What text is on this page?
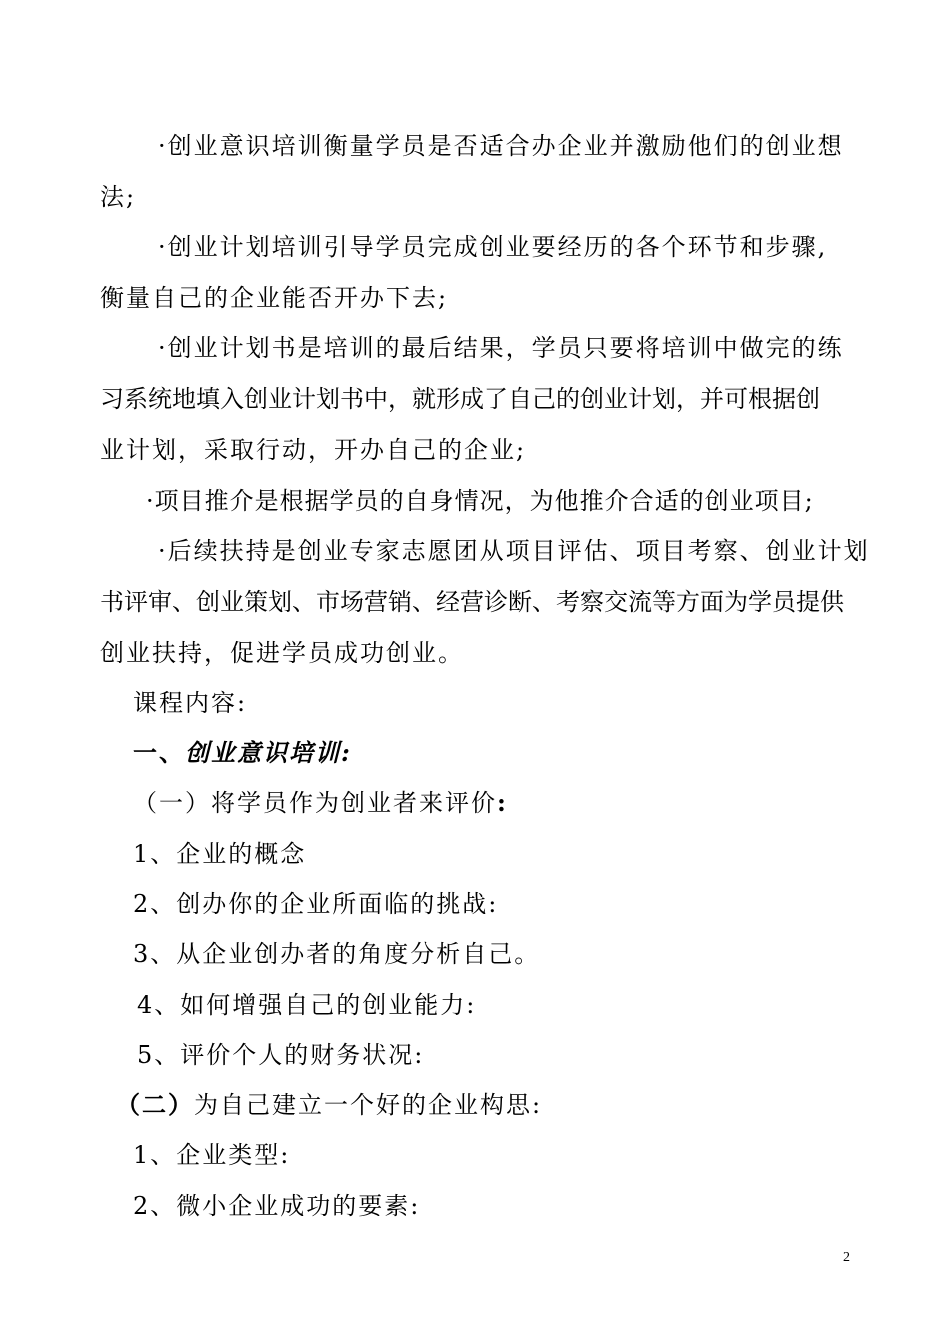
·创业意识培训衡量学员是否适合办企业并激励他们的创业想
法;
·创业计划培训引导学员完成创业要经历的各个环节和步骤,
衡量自己的企业能否开办下去;
·创业计划书是培训的最后结果，学员只要将培训中做完的练
习系统地填入创业计划书中，就形成了自己的创业计划，并可根据创
业计划，采取行动，开办自己的企业;
·项目推介是根据学员的自身情况，为他推介合适的创业项目;
·后续扶持是创业专家志愿团从项目评估、项目考察、创业计划
书评审、创业策划、市场营销、经营诊断、考察交流等方面为学员提供
创业扶持，促进学员成功创业。
课程内容:
一、创业意识培训:
（一）将学员作为创业者来评价:
1、企业的概念
2、创办你的企业所面临的挑战:
3、从企业创办者的角度分析自己。
4、如何增强自己的创业能力:
5、评价个人的财务状况:
（二）为自己建立一个好的企业构思:
1、企业类型:
2、微小企业成功的要素:
2
